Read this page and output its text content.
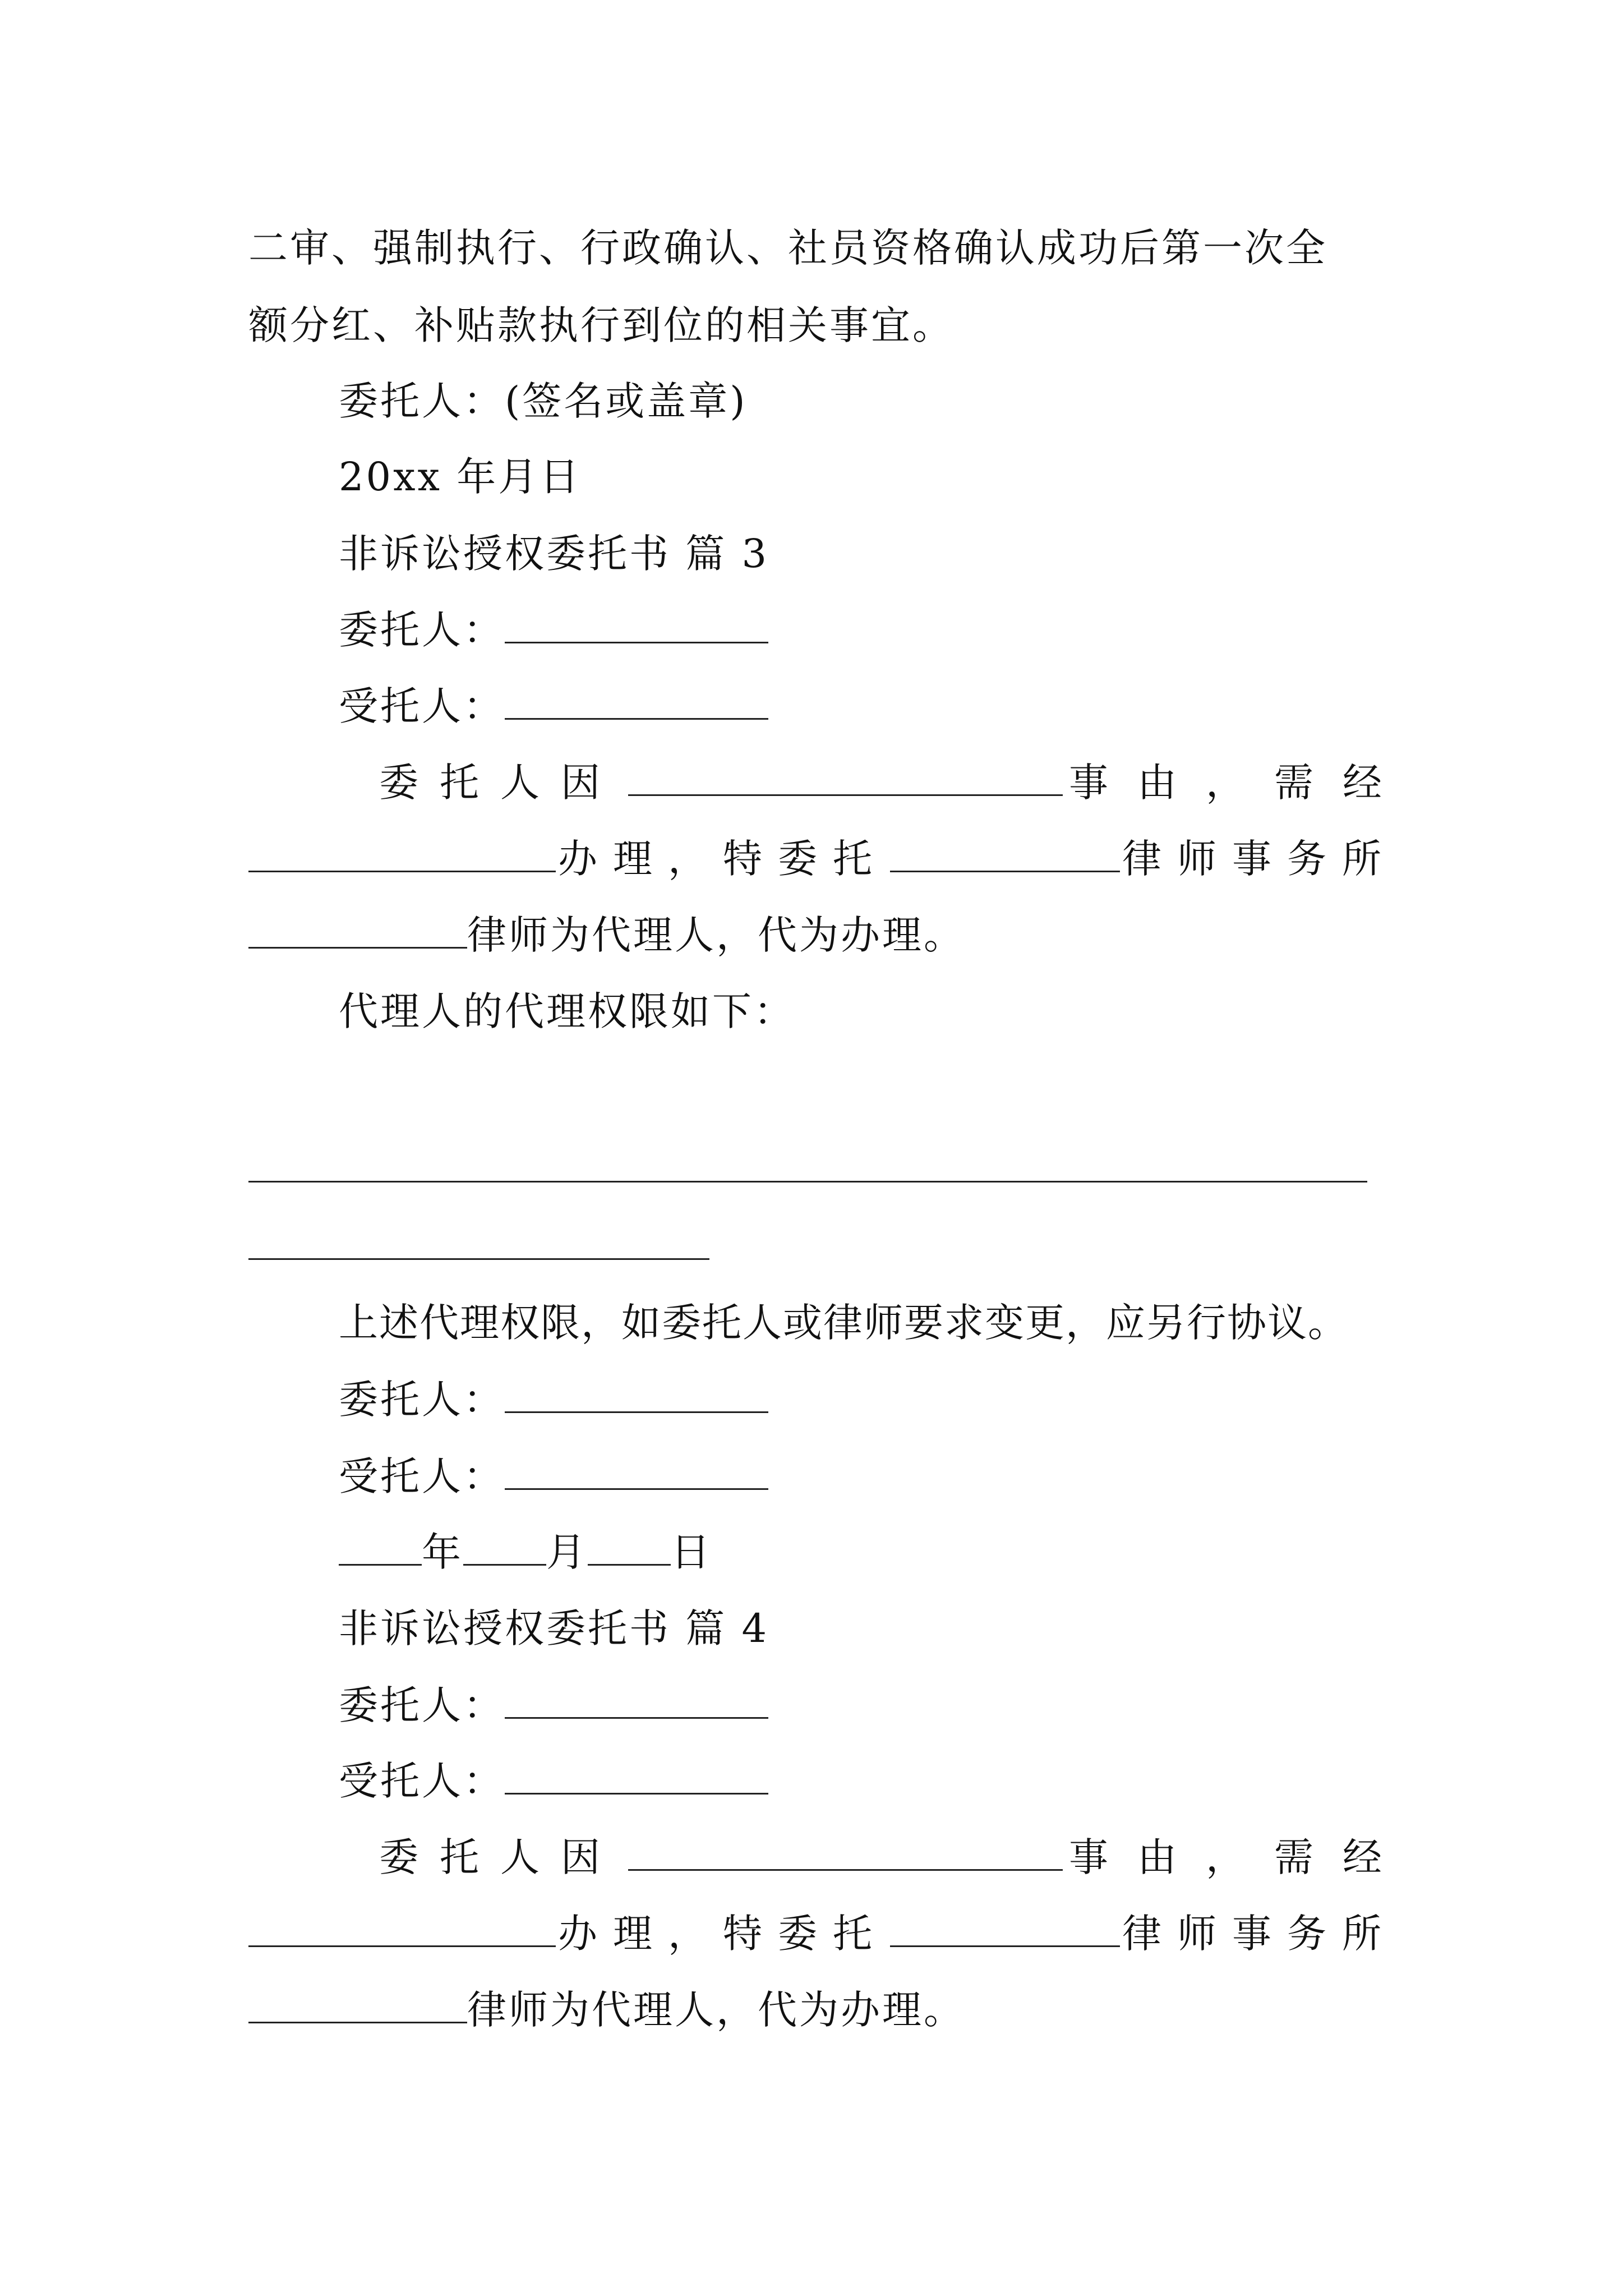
二审、强制执行、行政确认、社员资格确认成功后第一次全
额分红、补贴款执行到位的相关事宜。
委托人：(签名或盖章)
20xx 年月日
非诉讼授权委托书 篇 3
委托人：
受托人：
委托人因	事由，需经
办理，特委托	律师事务所
律师为代理人，代为办理。
代理人的代理权限如下：
上述代理权限，如委托人或律师要求变更，应另行协议。
委托人：
受托人：
年 月 日
非诉讼授权委托书 篇 4
委托人：
受托人：
委托人因	事由，需经
办理，特委托	律师事务所
律师为代理人，代为办理。
